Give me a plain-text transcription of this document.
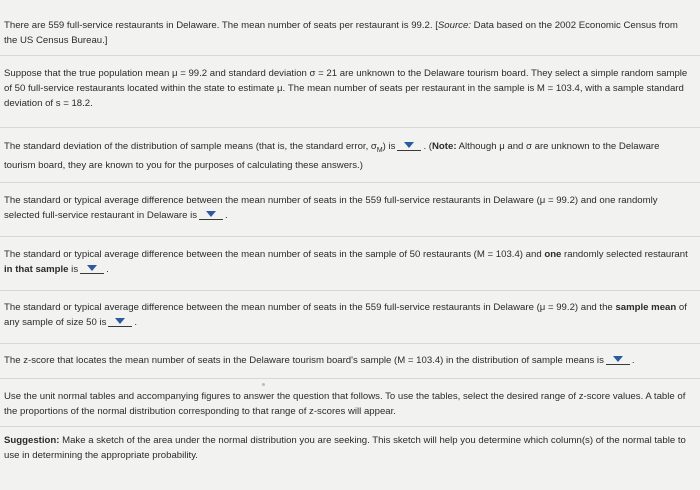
There are 559 full-service restaurants in Delaware. The mean number of seats per restaurant is 99.2. [Source: Data based on the 2002 Economic Census from the US Census Bureau.]

Suppose that the true population mean μ = 99.2 and standard deviation σ = 21 are unknown to the Delaware tourism board. They select a simple random sample of 50 full-service restaurants located within the state to estimate μ. The mean number of seats per restaurant in the sample is M = 103.4, with a sample standard deviation of s = 18.2.

The standard deviation of the distribution of sample means (that is, the standard error, $\sigma_M$) is	. (Note: Although μ and σ are unknown to the Delaware tourism board, they are known to you for the purposes of calculating these answers.)

The standard or typical average difference between the mean number of seats in the 559 full-service restaurants in Delaware (μ = 99.2) and one randomly selected full-service restaurant in Delaware is	.

The standard or typical average difference between the mean number of seats in the sample of 50 restaurants (M = 103.4) and one randomly selected restaurant in that sample is	.

The standard or typical average difference between the mean number of seats in the 559 full-service restaurants in Delaware (μ = 99.2) and the sample mean of any sample of size 50 is	.

The z-score that locates the mean number of seats in the Delaware tourism board's sample (M = 103.4) in the distribution of sample means is	.

Use the unit normal tables and accompanying figures to answer the question that follows. To use the tables, select the desired range of z-score values. A table of the proportions of the normal distribution corresponding to that range of z-scores will appear.

Suggestion: Make a sketch of the area under the normal distribution you are seeking. This sketch will help you determine which column(s) of the normal table to use in determining the appropriate probability.
